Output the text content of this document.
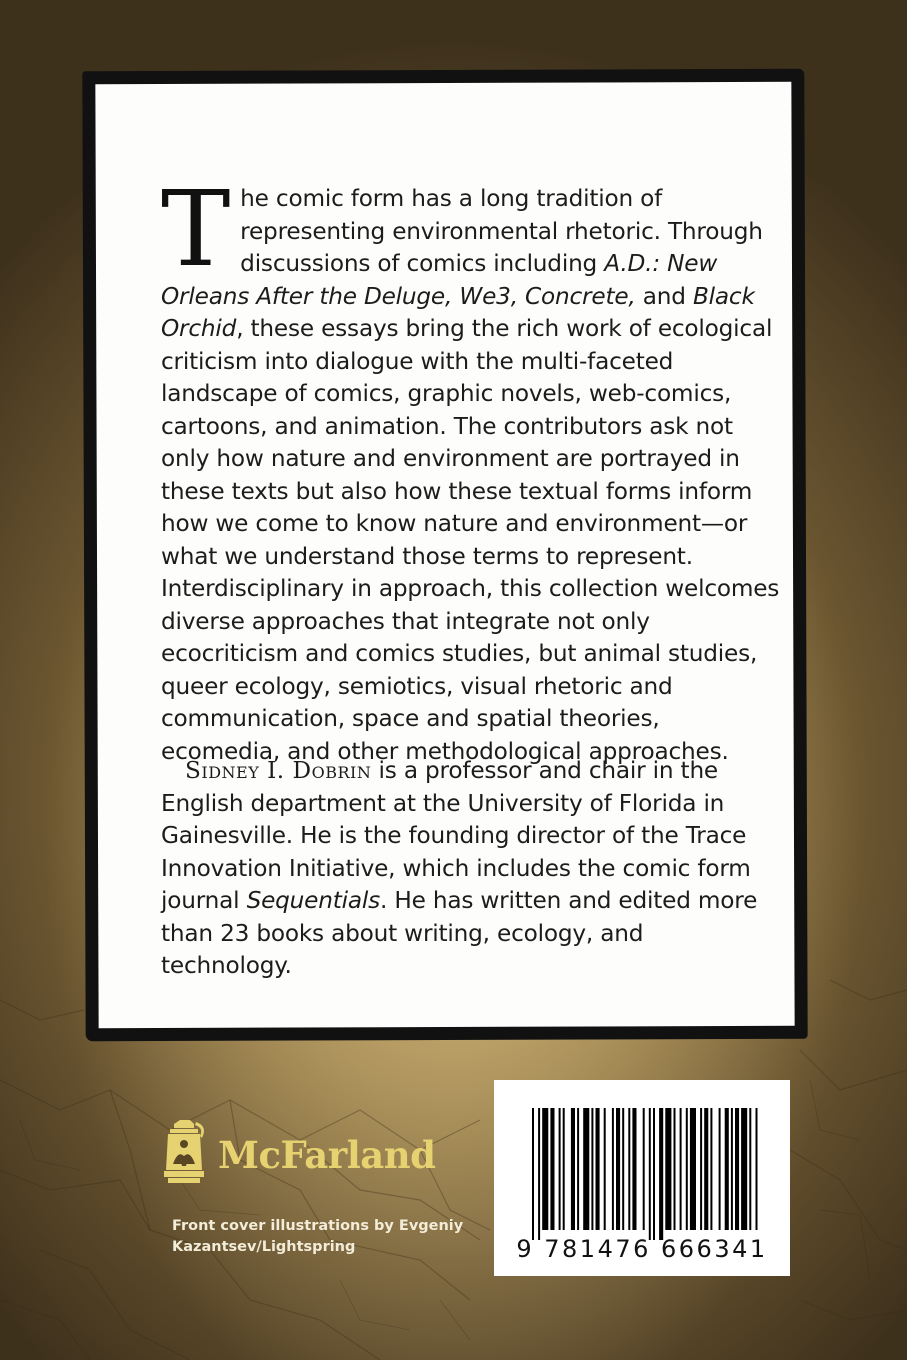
The comic form has a long tradition of representing environmental rhetoric. Through discussions of comics including A.D.: New Orleans After the Deluge, We3, Concrete, and Black Orchid, these essays bring the rich work of ecological criticism into dialogue with the multi-faceted landscape of comics, graphic novels, web-comics, cartoons, and animation. The contributors ask not only how nature and environment are portrayed in these texts but also how these textual forms inform how we come to know nature and environment—or what we understand those terms to represent. Interdisciplinary in approach, this collection welcomes diverse approaches that integrate not only ecocriticism and comics studies, but animal studies, queer ecology, semiotics, visual rhetoric and communication, space and spatial theories, ecomedia, and other methodological approaches.

Sidney I. Dobrin is a professor and chair in the English department at the University of Florida in Gainesville. He is the founding director of the Trace Innovation Initiative, which includes the comic form journal Sequentials. He has written and edited more than 23 books about writing, ecology, and technology.

McFarland
Front cover illustrations by Evgeniy Kazantsev/Lightspring	9 781476 666341
